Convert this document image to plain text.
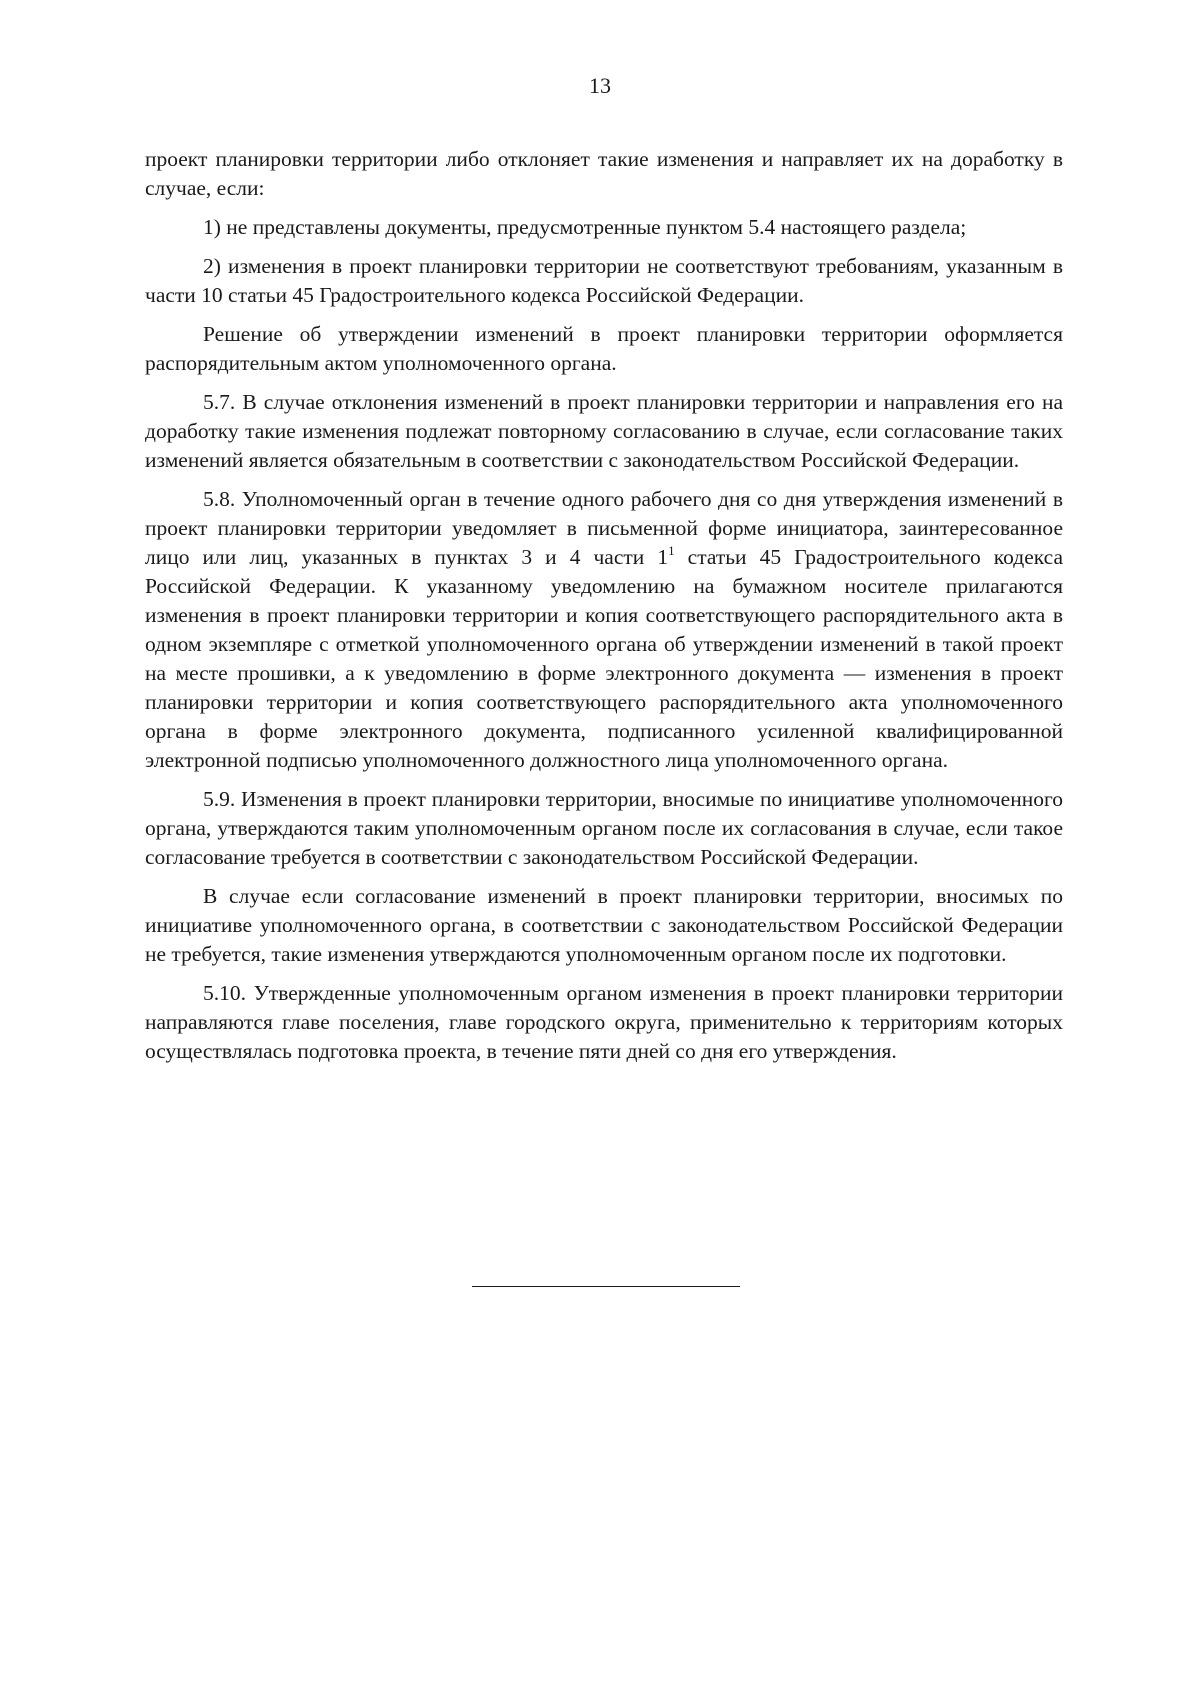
13

проект планировки территории либо отклоняет такие изменения и направляет их на доработку в случае, если:

1) не представлены документы, предусмотренные пунктом 5.4 настоящего раздела;

2) изменения в проект планировки территории не соответствуют требованиям, указанным в части 10 статьи 45 Градостроительного кодекса Российской Федерации.

Решение об утверждении изменений в проект планировки территории оформляется распорядительным актом уполномоченного органа.

5.7. В случае отклонения изменений в проект планировки территории и направления его на доработку такие изменения подлежат повторному согласованию в случае, если согласование таких изменений является обязательным в соответствии с законодательством Российской Федерации.

5.8. Уполномоченный орган в течение одного рабочего дня со дня утверждения изменений в проект планировки территории уведомляет в письменной форме инициатора, заинтересованное лицо или лиц, указанных в пунктах 3 и 4 части $1^1$ статьи 45 Градостроительного кодекса Российской Федерации. К указанному уведомлению на бумажном носителе прилагаются изменения в проект планировки территории и копия соответствующего распорядительного акта в одном экземпляре с отметкой уполномоченного органа об утверждении изменений в такой проект на месте прошивки, а к уведомлению в форме электронного документа — изменения в проект планировки территории и копия соответствующего распорядительного акта уполномоченного органа в форме электронного документа, подписанного усиленной квалифицированной электронной подписью уполномоченного должностного лица уполномоченного органа.

5.9. Изменения в проект планировки территории, вносимые по инициативе уполномоченного органа, утверждаются таким уполномоченным органом после их согласования в случае, если такое согласование требуется в соответствии с законодательством Российской Федерации.

В случае если согласование изменений в проект планировки территории, вносимых по инициативе уполномоченного органа, в соответствии с законодательством Российской Федерации не требуется, такие изменения утверждаются уполномоченным органом после их подготовки.

5.10. Утвержденные уполномоченным органом изменения в проект планировки территории направляются главе поселения, главе городского округа, применительно к территориям которых осуществлялась подготовка проекта, в течение пяти дней со дня его утверждения.
